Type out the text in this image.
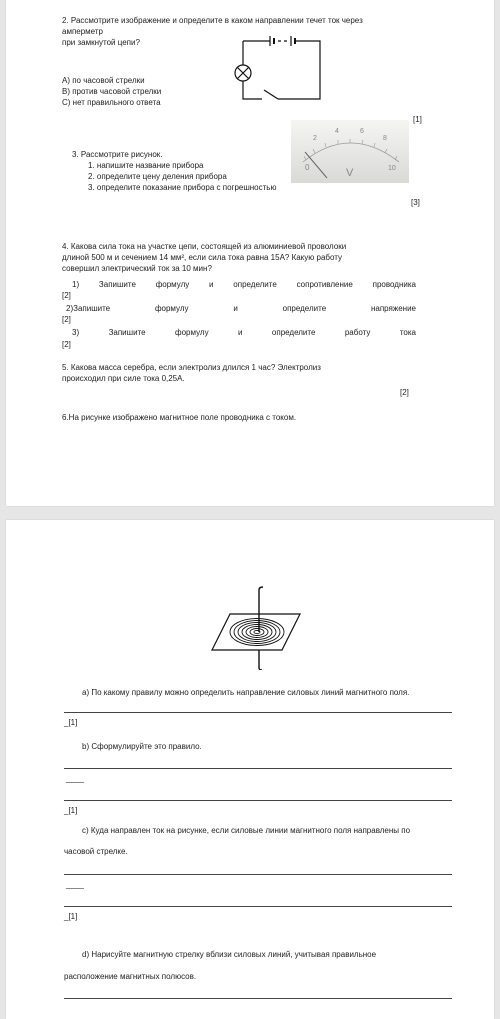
2. Рассмотрите изображение и определите в каком направлении течет ток через
амперметр
при замкнутой цепи?
А) по часовой стрелки
В) против часовой стрелки
С) нет правильного ответа
[1]
3. Рассмотрите рисунок.
1. напишите название прибора
2. определите цену деления прибора
3. определите показание прибора с погрешностью
[3]
2
4	6
8
0	V	10
4. Какова сила тока на участке цепи, состоящей из алюминиевой проволоки
длиной 500 м и сечением 14 мм², если сила тока равна 15А? Какую работу
совершил электрический ток за 10 мин?
1) Запишите формулу и определите сопротивление проводника
[2]
2)Запишите	формулу	и	определите	напряжение
[2]
3)	Запишите	формулу	и	определите	работу	тока
[2]
5. Какова масса серебра, если электролиз длился 1 час? Электролиз
происходил при силе тока 0,25А.
[2]
6.На рисунке изображено магнитное поле проводника с током.
a) По какому правилу можно определить направление силовых линий магнитного поля.
_[1]
b) Сформулируйте это правило.
____
_[1]
c) Куда направлен ток на рисунке, если силовые линии магнитного поля направлены по
часовой стрелке.
____
_[1]
d) Нарисуйте магнитную стрелку вблизи силовых линий, учитывая правильное
расположение магнитных полюсов.
